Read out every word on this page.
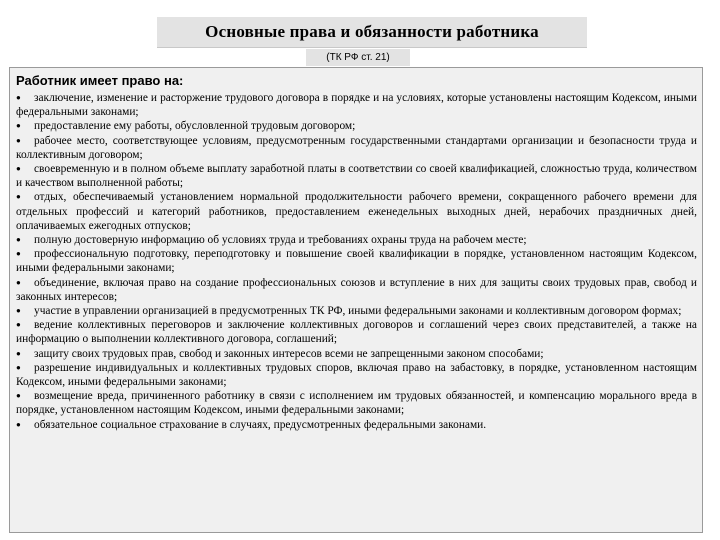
Основные права и обязанности работника
(ТК РФ ст. 21)
Работник имеет право на:
● заключение, изменение и расторжение трудового договора в порядке и на условиях, которые установлены настоящим Кодексом, иными федеральными законами;
● предоставление ему работы, обусловленной трудовым договором;
● рабочее место, соответствующее условиям, предусмотренным государственными стандартами организации и безопасности труда и коллективным договором;
● своевременную и в полном объеме выплату заработной платы в соответствии со своей квалификацией, сложностью труда, количеством и качеством выполненной работы;
● отдых, обеспечиваемый установлением нормальной продолжительности рабочего времени, сокращенного рабочего времени для отдельных профессий и категорий работников, предоставлением еженедельных выходных дней, нерабочих праздничных дней, оплачиваемых ежегодных отпусков;
● полную достоверную информацию об условиях труда и требованиях охраны труда на рабочем месте;
● профессиональную подготовку, переподготовку и повышение своей квалификации в порядке, установленном настоящим Кодексом, иными федеральными законами;
● объединение, включая право на создание профессиональных союзов и вступление в них для защиты своих трудовых прав, свобод и законных интересов;
● участие в управлении организацией в предусмотренных ТК РФ, иными федеральными законами и коллективным договором формах;
● ведение коллективных переговоров и заключение коллективных договоров и соглашений через своих представителей, а также на информацию о выполнении коллективного договора, соглашений;
● защиту своих трудовых прав, свобод и законных интересов всеми не запрещенными законом способами;
● разрешение индивидуальных и коллективных трудовых споров, включая право на забастовку, в порядке, установленном настоящим Кодексом, иными федеральными законами;
● возмещение вреда, причиненного работнику в связи с исполнением им трудовых обязанностей, и компенсацию морального вреда в порядке, установленном настоящим Кодексом, иными федеральными законами;
● обязательное социальное страхование в случаях, предусмотренных федеральными законами.
